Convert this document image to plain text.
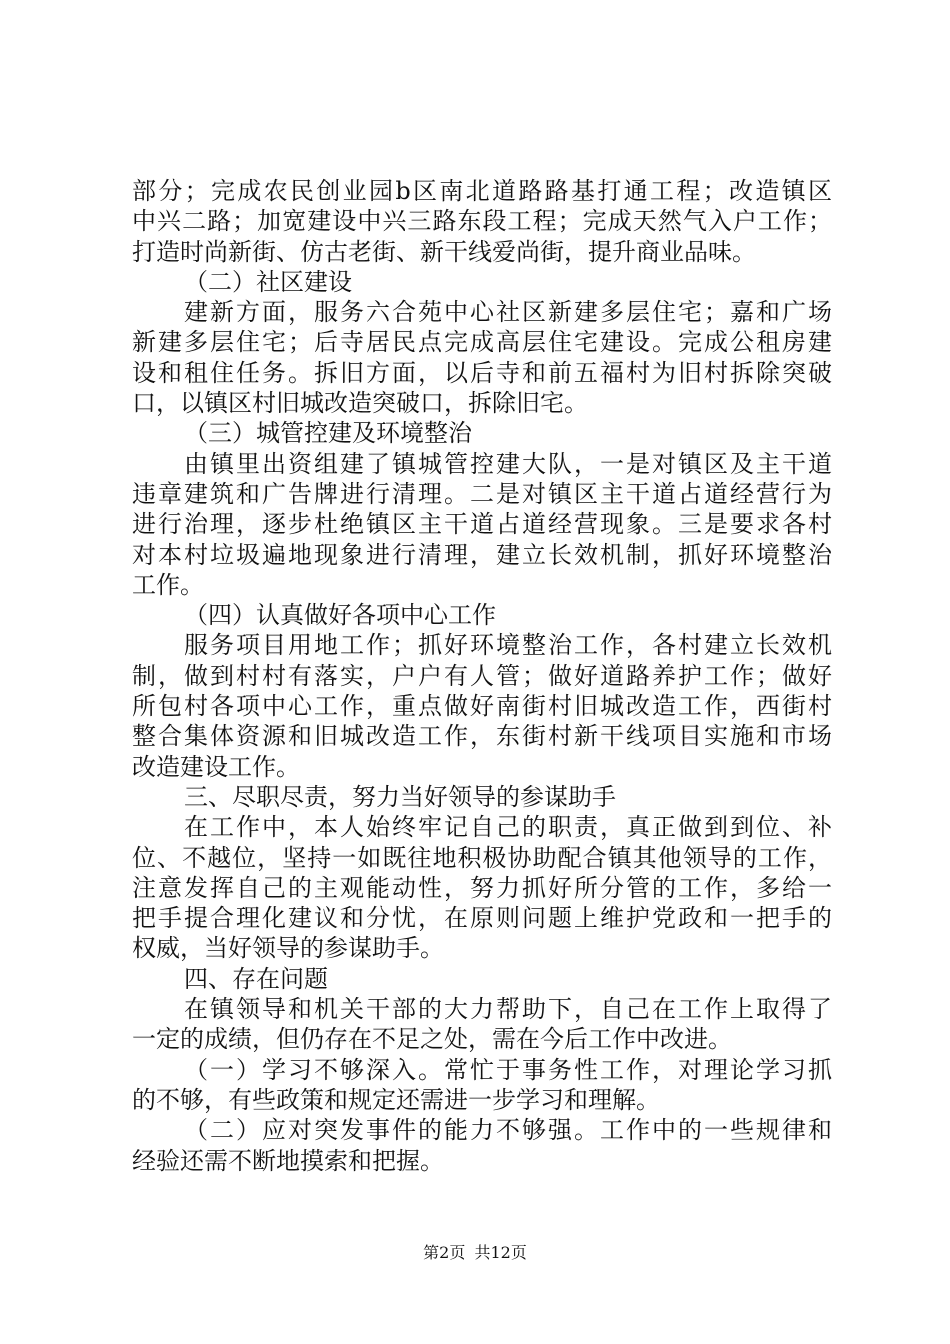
部分；完成农民创业园b区南北道路路基打通工程；改造镇区
中兴二路；加宽建设中兴三路东段工程；完成天然气入户工作；
打造时尚新街、仿古老街、新干线爱尚街，提升商业品味。
（二）社区建设
建新方面，服务六合苑中心社区新建多层住宅；嘉和广场
新建多层住宅；后寺居民点完成高层住宅建设。完成公租房建
设和租住任务。拆旧方面，以后寺和前五福村为旧村拆除突破
口，以镇区村旧城改造突破口，拆除旧宅。
（三）城管控建及环境整治
由镇里出资组建了镇城管控建大队，一是对镇区及主干道
违章建筑和广告牌进行清理。二是对镇区主干道占道经营行为
进行治理，逐步杜绝镇区主干道占道经营现象。三是要求各村
对本村垃圾遍地现象进行清理，建立长效机制，抓好环境整治
工作。
（四）认真做好各项中心工作
服务项目用地工作；抓好环境整治工作，各村建立长效机
制，做到村村有落实，户户有人管；做好道路养护工作；做好
所包村各项中心工作，重点做好南街村旧城改造工作，西街村
整合集体资源和旧城改造工作，东街村新干线项目实施和市场
改造建设工作。
三、尽职尽责，努力当好领导的参谋助手
在工作中，本人始终牢记自己的职责，真正做到到位、补
位、不越位，坚持一如既往地积极协助配合镇其他领导的工作，
注意发挥自己的主观能动性，努力抓好所分管的工作，多给一
把手提合理化建议和分忧，在原则问题上维护党政和一把手的
权威，当好领导的参谋助手。
四、存在问题
在镇领导和机关干部的大力帮助下，自己在工作上取得了
一定的成绩，但仍存在不足之处，需在今后工作中改进。
（一）学习不够深入。常忙于事务性工作，对理论学习抓
的不够，有些政策和规定还需进一步学习和理解。
（二）应对突发事件的能力不够强。工作中的一些规律和
经验还需不断地摸索和把握。
第2页 共12页
